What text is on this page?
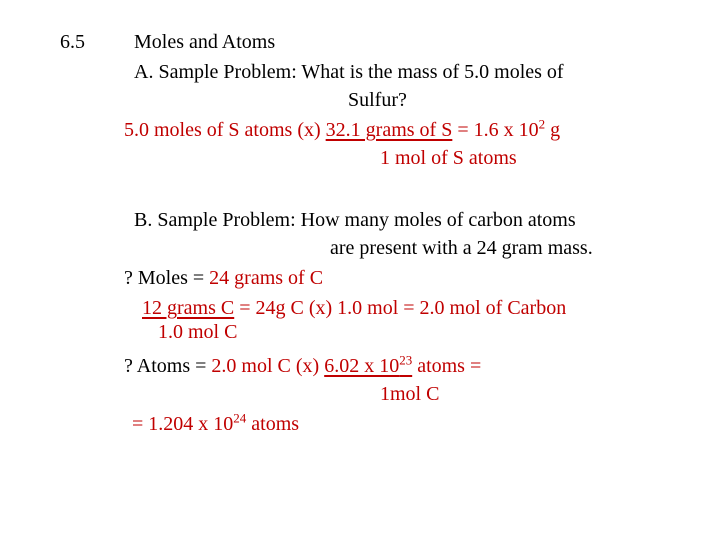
6.5 Moles and Atoms
A. Sample Problem: What is the mass of 5.0 moles of
Sulfur?
5.0 moles of S atoms (x) 32.1 grams of S = 1.6 x $10^2$ g
1 mol of S atoms
B. Sample Problem: How many moles of carbon atoms
are present with a 24 gram mass.
? Moles = 24 grams of C
12 grams C = 24g C (x) 1.0 mol = 2.0 mol of Carbon
1.0 mol C
? Atoms = 2.0 mol C (x) 6.02 x $10^{23}$ atoms =
1mol C
= 1.204 x $10^{24}$ atoms
